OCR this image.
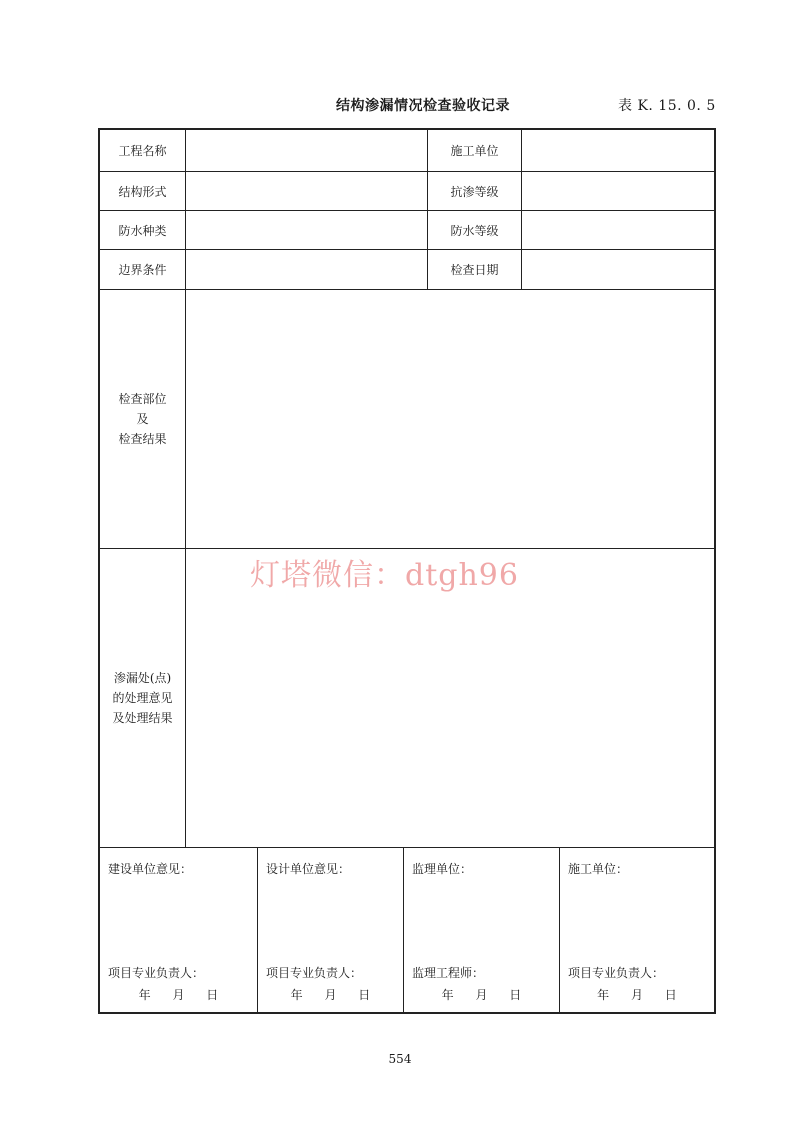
结构渗漏情况检查验收记录	表 K. 15. 0. 5
工程名称	施工单位
结构形式	抗渗等级
防水种类	防水等级
边界条件	检查日期
检查部位
及
检查结果
渗漏处(点)
的处理意见
及处理结果
建设单位意见：
项目专业负责人：
年 月 日
设计单位意见：
项目专业负责人：
年 月 日
监理单位：
监理工程师：
年 月 日
施工单位：
项目专业负责人：
年 月 日
灯塔微信：dtgh96
554
